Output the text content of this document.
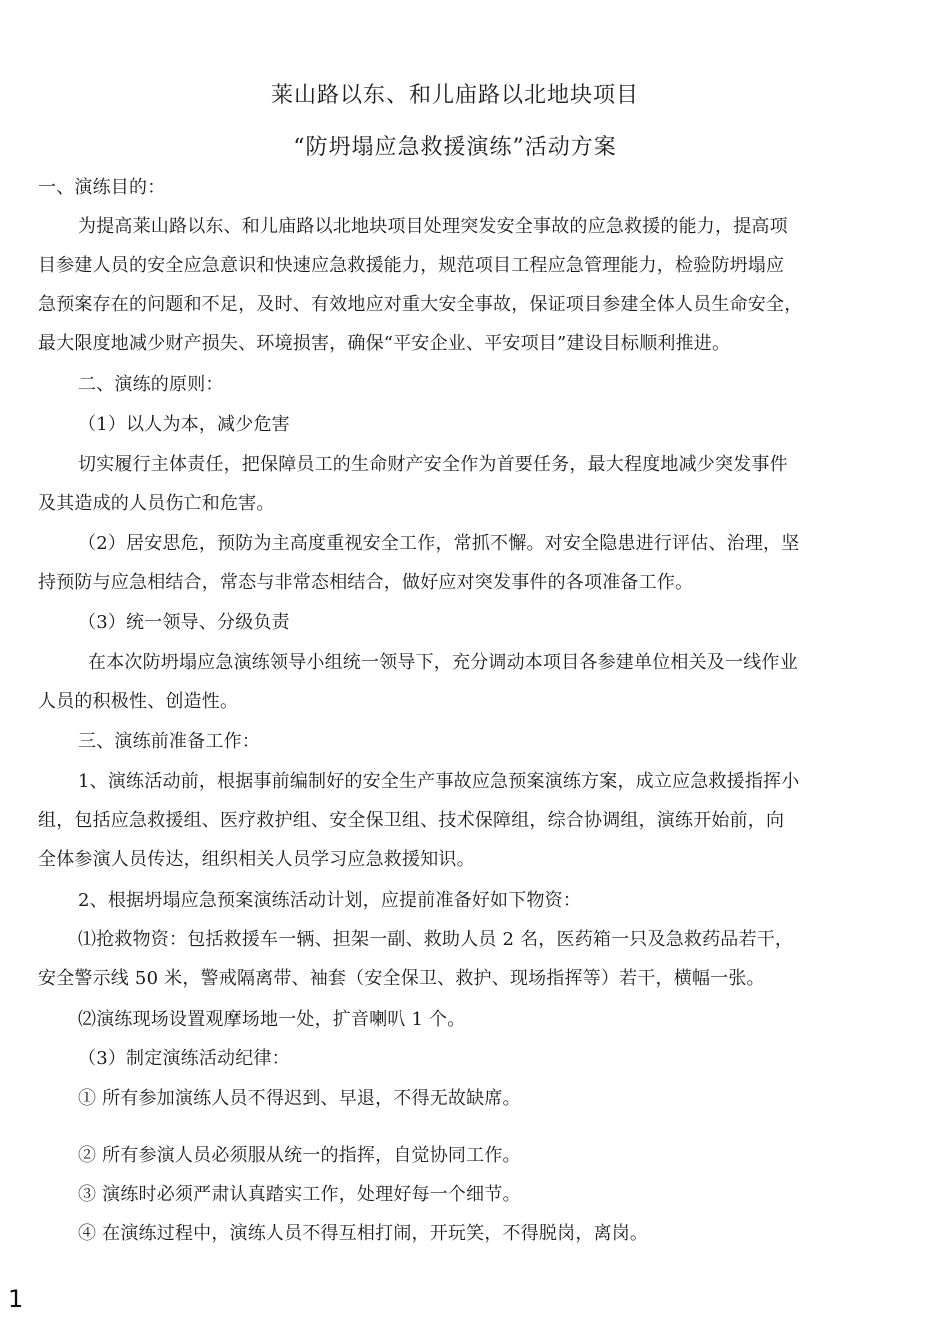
莱山路以东、和儿庙路以北地块项目
“防坍塌应急救援演练”活动方案
一、演练目的：
为提高莱山路以东、和儿庙路以北地块项目处理突发安全事故的应急救援的能力，提高项
目参建人员的安全应急意识和快速应急救援能力，规范项目工程应急管理能力，检验防坍塌应
急预案存在的问题和不足，及时、有效地应对重大安全事故，保证项目参建全体人员生命安全，
最大限度地减少财产损失、环境损害，确保“平安企业、平安项目”建设目标顺利推进。
二、演练的原则：
（1）以人为本，减少危害
切实履行主体责任，把保障员工的生命财产安全作为首要任务，最大程度地减少突发事件
及其造成的人员伤亡和危害。
（2）居安思危，预防为主高度重视安全工作，常抓不懈。对安全隐患进行评估、治理，坚
持预防与应急相结合，常态与非常态相结合，做好应对突发事件的各项准备工作。
（3）统一领导、分级负责
在本次防坍塌应急演练领导小组统一领导下，充分调动本项目各参建单位相关及一线作业
人员的积极性、创造性。
三、演练前准备工作：
1、演练活动前，根据事前编制好的安全生产事故应急预案演练方案，成立应急救援指挥小
组，包括应急救援组、医疗救护组、安全保卫组、技术保障组，综合协调组，演练开始前，向
全体参演人员传达，组织相关人员学习应急救援知识。
2、根据坍塌应急预案演练活动计划，应提前准备好如下物资：
⑴抢救物资：包括救援车一辆、担架一副、救助人员 2 名，医药箱一只及急救药品若干，
安全警示线 50 米，警戒隔离带、袖套（安全保卫、救护、现场指挥等）若干，横幅一张。
⑵演练现场设置观摩场地一处，扩音喇叭 1 个。
（3）制定演练活动纪律：
① 所有参加演练人员不得迟到、早退，不得无故缺席。
② 所有参演人员必须服从统一的指挥，自觉协同工作。
③ 演练时必须严肃认真踏实工作，处理好每一个细节。
④ 在演练过程中，演练人员不得互相打闹，开玩笑，不得脱岗，离岗。
1
